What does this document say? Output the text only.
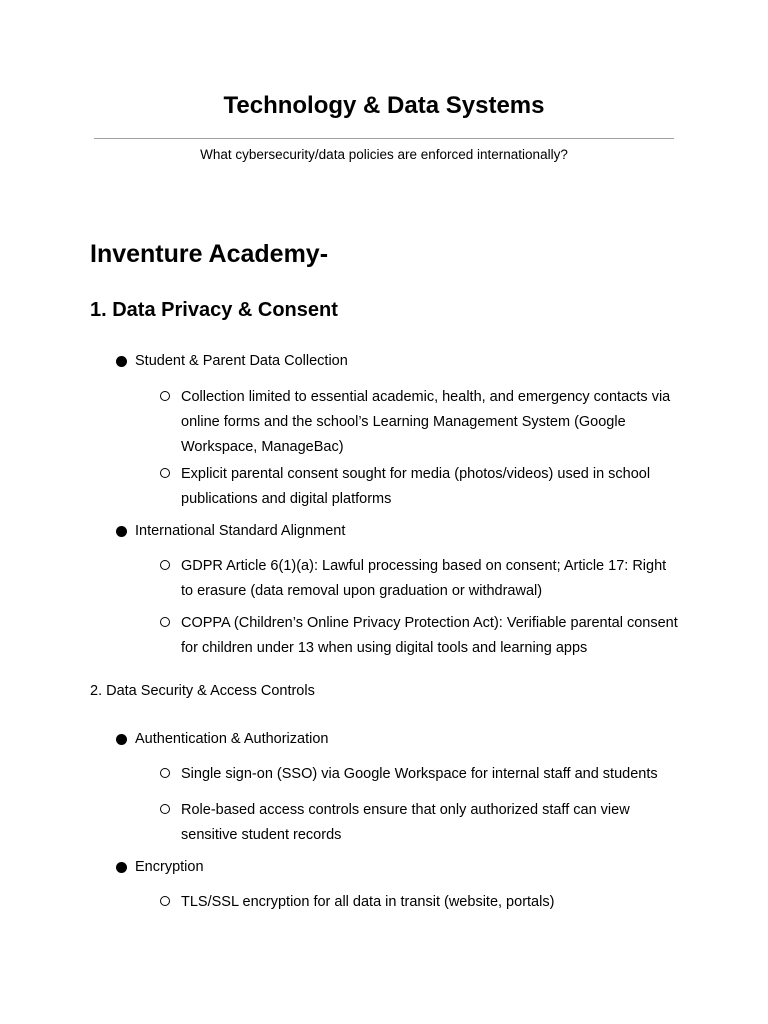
Technology & Data Systems
What cybersecurity/data policies are enforced internationally?
Inventure Academy-
1. Data Privacy & Consent
Student & Parent Data Collection
Collection limited to essential academic, health, and emergency contacts via online forms and the school’s Learning Management System (Google Workspace, ManageBac)
Explicit parental consent sought for media (photos/videos) used in school publications and digital platforms
International Standard Alignment
GDPR Article 6(1)(a): Lawful processing based on consent; Article 17: Right to erasure (data removal upon graduation or withdrawal)
COPPA (Children’s Online Privacy Protection Act): Verifiable parental consent for children under 13 when using digital tools and learning apps
2. Data Security & Access Controls
Authentication & Authorization
Single sign-on (SSO) via Google Workspace for internal staff and students
Role-based access controls ensure that only authorized staff can view sensitive student records
Encryption
TLS/SSL encryption for all data in transit (website, portals)
